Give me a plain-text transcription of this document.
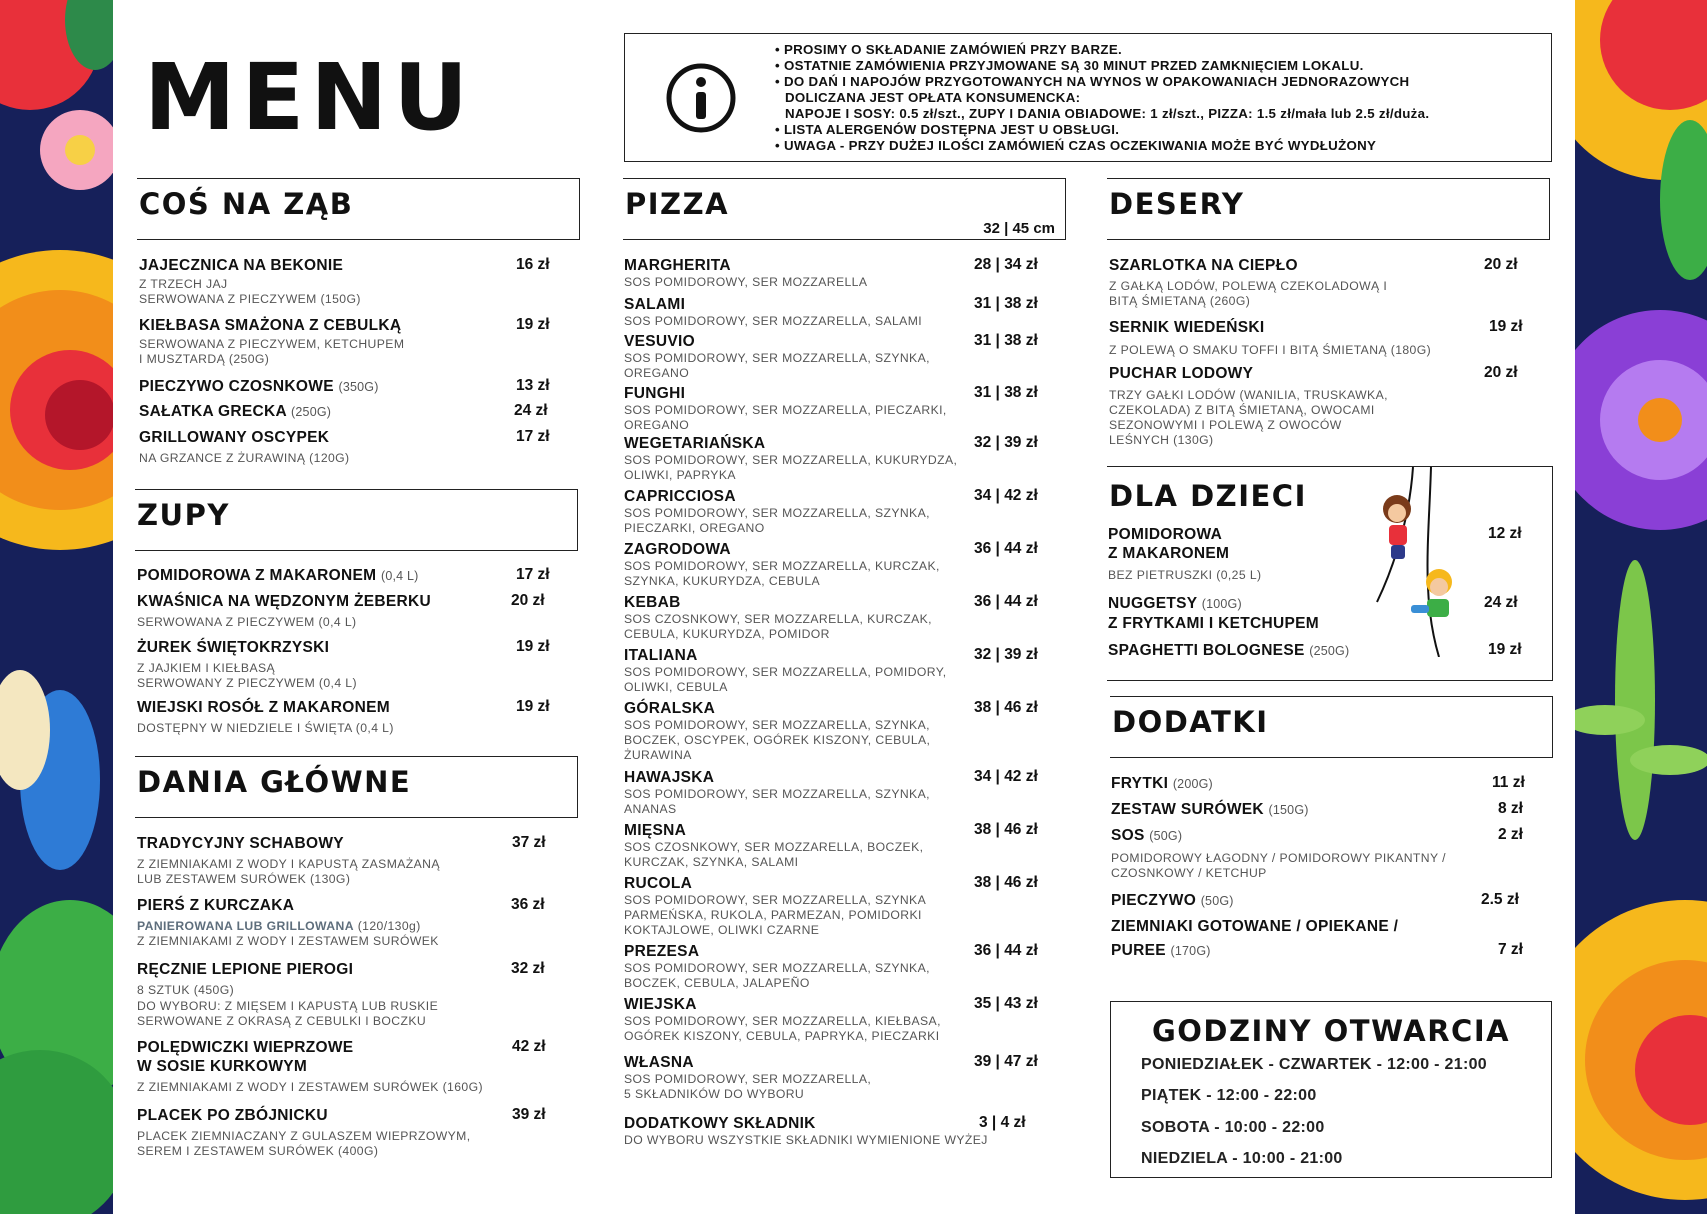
MENU	• PROSIMY O SKŁADANIE ZAMÓWIEŃ PRZY BARZE.
• OSTATNIE ZAMÓWIENIA PRZYJMOWANE SĄ 30 MINUT PRZED ZAMKNIĘCIEM LOKALU.
• DO DAŃ I NAPOJÓW PRZYGOTOWANYCH NA WYNOS W OPAKOWANIACH JEDNORAZOWYCH
DOLICZANA JEST OPŁATA KONSUMENCKA:
NAPOJE I SOSY: 0.5 zł/szt., ZUPY I DANIA OBIADOWE: 1 zł/szt., PIZZA: 1.5 zł/mała lub 2.5 zł/duża.
• LISTA ALERGENÓW DOSTĘPNA JEST U OBSŁUGI.
• UWAGA - PRZY DUŻEJ ILOŚCI ZAMÓWIEŃ CZAS OCZEKIWANIA MOŻE BYĆ WYDŁUŻONY
COŚ NA ZĄB
JAJECZNICA NA BEKONIE
Z TRZECH JAJ
SERWOWANA Z PIECZYWEM (150G)
16 zł
KIEŁBASA SMAŻONA Z CEBULKĄ
SERWOWANA Z PIECZYWEM, KETCHUPEM
I MUSZTARDĄ (250G)
19 zł
PIECZYWO CZOSNKOWE (350G)	13 zł
SAŁATKA GRECKA (250G)	24 zł
GRILLOWANY OSCYPEK
NA GRZANCE Z ŻURAWINĄ (120G)
17 zł
ZUPY
POMIDOROWA Z MAKARONEM (0,4 L)	17 zł
KWAŚNICA NA WĘDZONYM ŻEBERKU
SERWOWANA Z PIECZYWEM (0,4 L)
20 zł
ŻUREK ŚWIĘTOKRZYSKI
Z JAJKIEM I KIEŁBASĄ
SERWOWANY Z PIECZYWEM (0,4 L)
19 zł
WIEJSKI ROSÓŁ Z MAKARONEM
DOSTĘPNY W NIEDZIELE I ŚWIĘTA (0,4 L)
19 zł
DANIA GŁÓWNE
TRADYCYJNY SCHABOWY
Z ZIEMNIAKAMI Z WODY I KAPUSTĄ ZASMAŻANĄ
LUB ZESTAWEM SURÓWEK (130G)
37 zł
PIERŚ Z KURCZAKA
PANIEROWANA LUB GRILLOWANA (120/130g)
Z ZIEMNIAKAMI Z WODY I ZESTAWEM SURÓWEK
36 zł
RĘCZNIE LEPIONE PIEROGI
8 SZTUK (450G)
DO WYBORU: Z MIĘSEM I KAPUSTĄ LUB RUSKIE
SERWOWANE Z OKRASĄ Z CEBULKI I BOCZKU
32 zł
POLĘDWICZKI WIEPRZOWE
W SOSIE KURKOWYM
Z ZIEMNIAKAMI Z WODY I ZESTAWEM SURÓWEK (160G)
42 zł
PLACEK PO ZBÓJNICKU
PLACEK ZIEMNIACZANY Z GULASZEM WIEPRZOWYM,
SEREM I ZESTAWEM SURÓWEK (400G)
39 zł
PIZZA
32 | 45 cm
MARGHERITA
SOS POMIDOROWY, SER MOZZARELLA
28 | 34 zł
SALAMI
SOS POMIDOROWY, SER MOZZARELLA, SALAMI
31 | 38 zł
VESUVIO
SOS POMIDOROWY, SER MOZZARELLA, SZYNKA,
OREGANO
31 | 38 zł
FUNGHI
SOS POMIDOROWY, SER MOZZARELLA, PIECZARKI,
OREGANO
31 | 38 zł
WEGETARIAŃSKA
SOS POMIDOROWY, SER MOZZARELLA, KUKURYDZA,
OLIWKI, PAPRYKA
32 | 39 zł
CAPRICCIOSA
SOS POMIDOROWY, SER MOZZARELLA, SZYNKA,
PIECZARKI, OREGANO
34 | 42 zł
ZAGRODOWA
SOS POMIDOROWY, SER MOZZARELLA, KURCZAK,
SZYNKA, KUKURYDZA, CEBULA
36 | 44 zł
KEBAB
SOS CZOSNKOWY, SER MOZZARELLA, KURCZAK,
CEBULA, KUKURYDZA, POMIDOR
36 | 44 zł
ITALIANA
SOS POMIDOROWY, SER MOZZARELLA, POMIDORY,
OLIWKI, CEBULA
32 | 39 zł
GÓRALSKA
SOS POMIDOROWY, SER MOZZARELLA, SZYNKA,
BOCZEK, OSCYPEK, OGÓREK KISZONY, CEBULA,
ŻURAWINA
38 | 46 zł
HAWAJSKA
SOS POMIDOROWY, SER MOZZARELLA, SZYNKA,
ANANAS
34 | 42 zł
MIĘSNA
SOS CZOSNKOWY, SER MOZZARELLA, BOCZEK,
KURCZAK, SZYNKA, SALAMI
38 | 46 zł
RUCOLA
SOS POMIDOROWY, SER MOZZARELLA, SZYNKA
PARMEŃSKA, RUKOLA, PARMEZAN, POMIDORKI
KOKTAJLOWE, OLIWKI CZARNE
38 | 46 zł
PREZESA
SOS POMIDOROWY, SER MOZZARELLA, SZYNKA,
BOCZEK, CEBULA, JALAPEÑO
36 | 44 zł
WIEJSKA
SOS POMIDOROWY, SER MOZZARELLA, KIEŁBASA,
OGÓREK KISZONY, CEBULA, PAPRYKA, PIECZARKI
35 | 43 zł
WŁASNA
SOS POMIDOROWY, SER MOZZARELLA,
5 SKŁADNIKÓW DO WYBORU
39 | 47 zł
DODATKOWY SKŁADNIK
DO WYBORU WSZYSTKIE SKŁADNIKI WYMIENIONE WYŻEJ
3 | 4 zł
DESERY
SZARLOTKA NA CIEPŁO
Z GAŁKĄ LODÓW, POLEWĄ CZEKOLADOWĄ I
BITĄ ŚMIETANĄ (260G)
20 zł
SERNIK WIEDEŃSKI
Z POLEWĄ O SMAKU TOFFI I BITĄ ŚMIETANĄ (180G)
19 zł
PUCHAR LODOWY
TRZY GAŁKI LODÓW (WANILIA, TRUSKAWKA,
CZEKOLADA) Z BITĄ ŚMIETANĄ, OWOCAMI
SEZONOWYMI I POLEWĄ Z OWOCÓW
LEŚNYCH (130G)
20 zł
DLA DZIECI
POMIDOROWA
Z MAKARONEM
BEZ PIETRUSZKI (0,25 L)
12 zł
NUGGETSY (100G)
Z FRYTKAMI I KETCHUPEM
24 zł
SPAGHETTI BOLOGNESE (250G)	19 zł
DODATKI
FRYTKI (200G)	11 zł
ZESTAW SURÓWEK (150G)	8 zł
SOS (50G)
POMIDOROWY ŁAGODNY / POMIDOROWY PIKANTNY /
CZOSNKOWY / KETCHUP
2 zł
PIECZYWO (50G)	2.5 zł
ZIEMNIAKI GOTOWANE / OPIEKANE /
PUREE (170G)	7 zł
GODZINY OTWARCIA
PONIEDZIAŁEK - CZWARTEK - 12:00 - 21:00
PIĄTEK - 12:00 - 22:00
SOBOTA - 10:00 - 22:00
NIEDZIELA - 10:00 - 21:00
